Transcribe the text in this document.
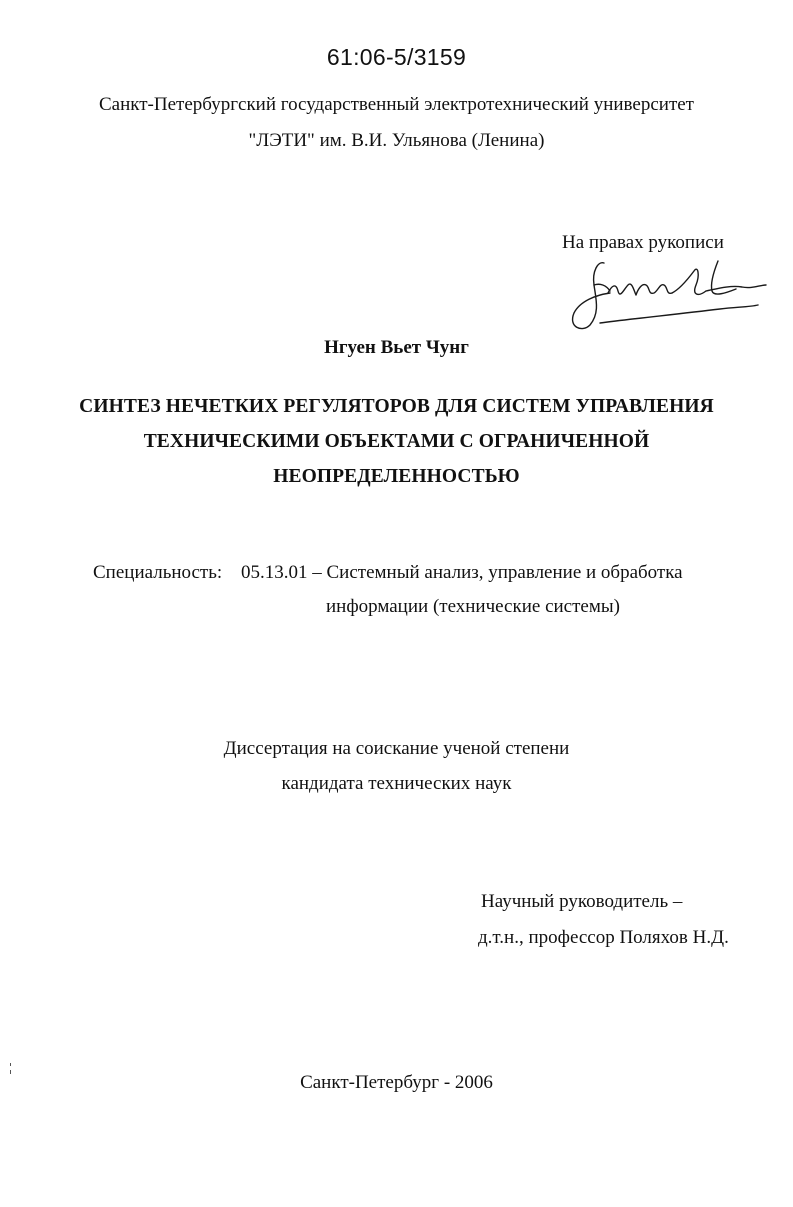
61:06-5/3159
Санкт-Петербургский государственный электротехнический университет
"ЛЭТИ" им. В.И. Ульянова (Ленина)
На правах рукописи
Нгуен Вьет Чунг
СИНТЕЗ НЕЧЕТКИХ РЕГУЛЯТОРОВ ДЛЯ СИСТЕМ УПРАВЛЕНИЯ
ТЕХНИЧЕСКИМИ ОБЪЕКТАМИ С ОГРАНИЧЕННОЙ
НЕОПРЕДЕЛЕННОСТЬЮ
Специальность: 05.13.01 – Системный анализ, управление и обработка
информации (технические системы)
Диссертация на соискание ученой степени
кандидата технических наук
Научный руководитель –
д.т.н., профессор Поляхов Н.Д.
Санкт-Петербург - 2006
